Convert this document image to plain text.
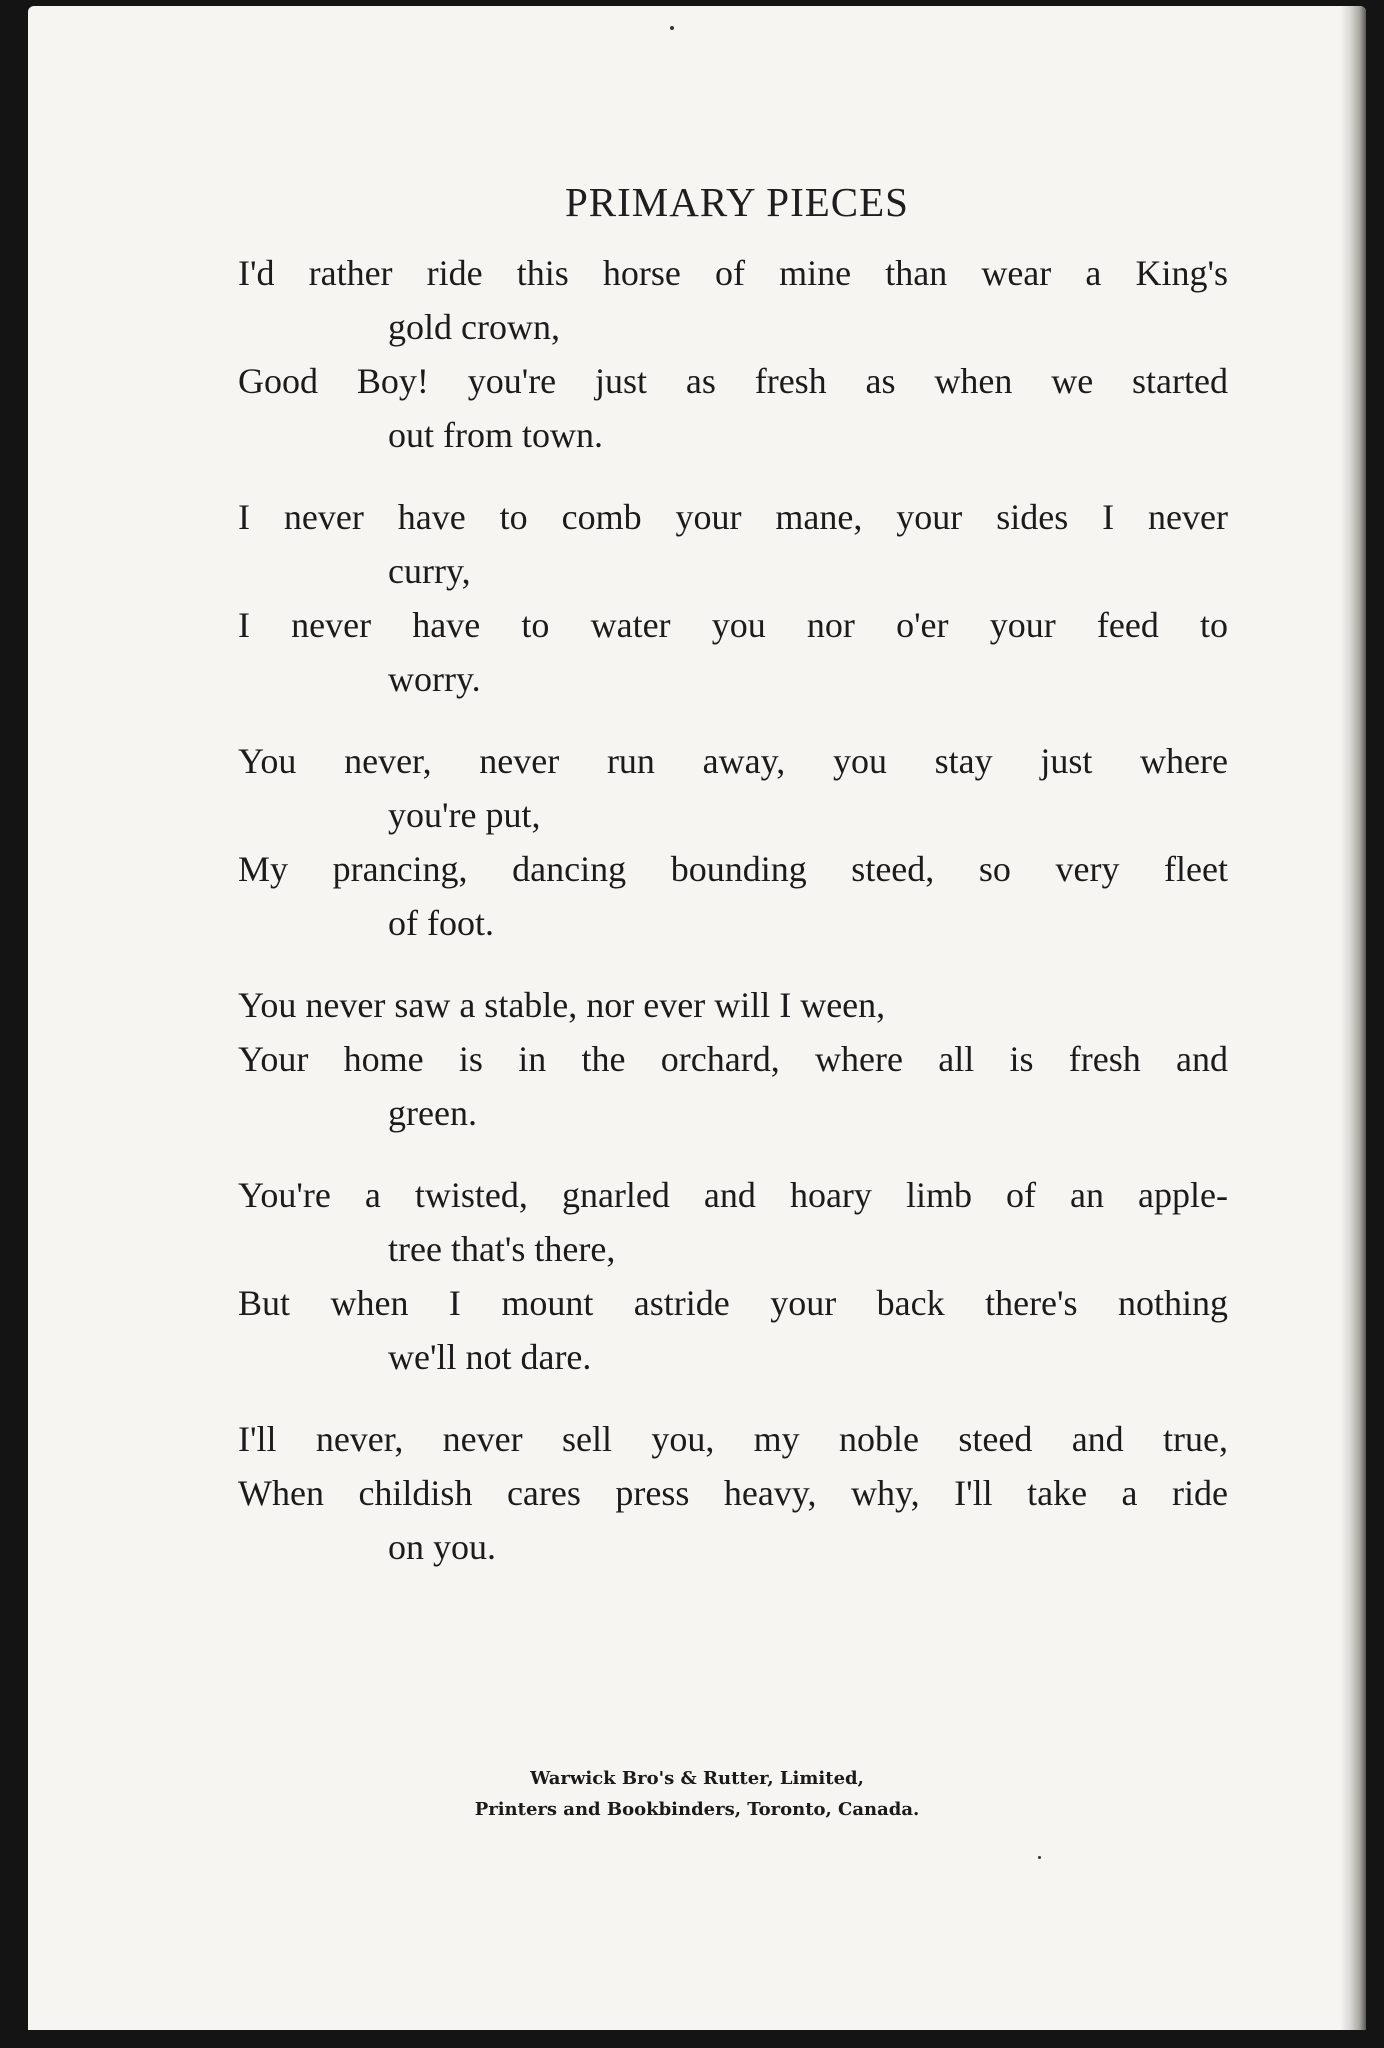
PRIMARY PIECES
I'd rather ride this horse of mine than wear a King's
gold crown,
Good Boy! you're just as fresh as when we started
out from town.
I never have to comb your mane, your sides I never
curry,
I never have to water you nor o'er your feed to
worry.
You never, never run away, you stay just where
you're put,
My prancing, dancing bounding steed, so very fleet
of foot.
You never saw a stable, nor ever will I ween,
Your home is in the orchard, where all is fresh and
green.
You're a twisted, gnarled and hoary limb of an apple-
tree that's there,
But when I mount astride your back there's nothing
we'll not dare.
I'll never, never sell you, my noble steed and true,
When childish cares press heavy, why, I'll take a ride
on you.
Warwick Bro's & Rutter, Limited,
Printers and Bookbinders, Toronto, Canada.
